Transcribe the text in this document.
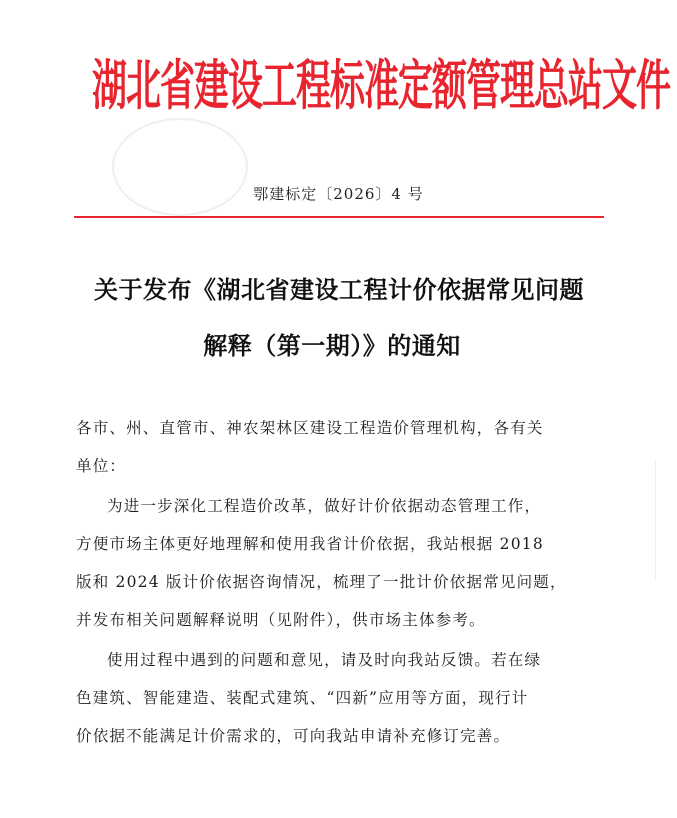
湖北省建设工程标准定额管理总站文件
鄂建标定〔2026〕4 号
关于发布《湖北省建设工程计价依据常见问题
解释（第一期）》的通知
各市、州、直管市、神农架林区建设工程造价管理机构，各有关
单位：
为进一步深化工程造价改革，做好计价依据动态管理工作，
方便市场主体更好地理解和使用我省计价依据，我站根据 2018
版和 2024 版计价依据咨询情况，梳理了一批计价依据常见问题，
并发布相关问题解释说明（见附件），供市场主体参考。
使用过程中遇到的问题和意见，请及时向我站反馈。若在绿
色建筑、智能建造、装配式建筑、“四新”应用等方面，现行计
价依据不能满足计价需求的，可向我站申请补充修订完善。
